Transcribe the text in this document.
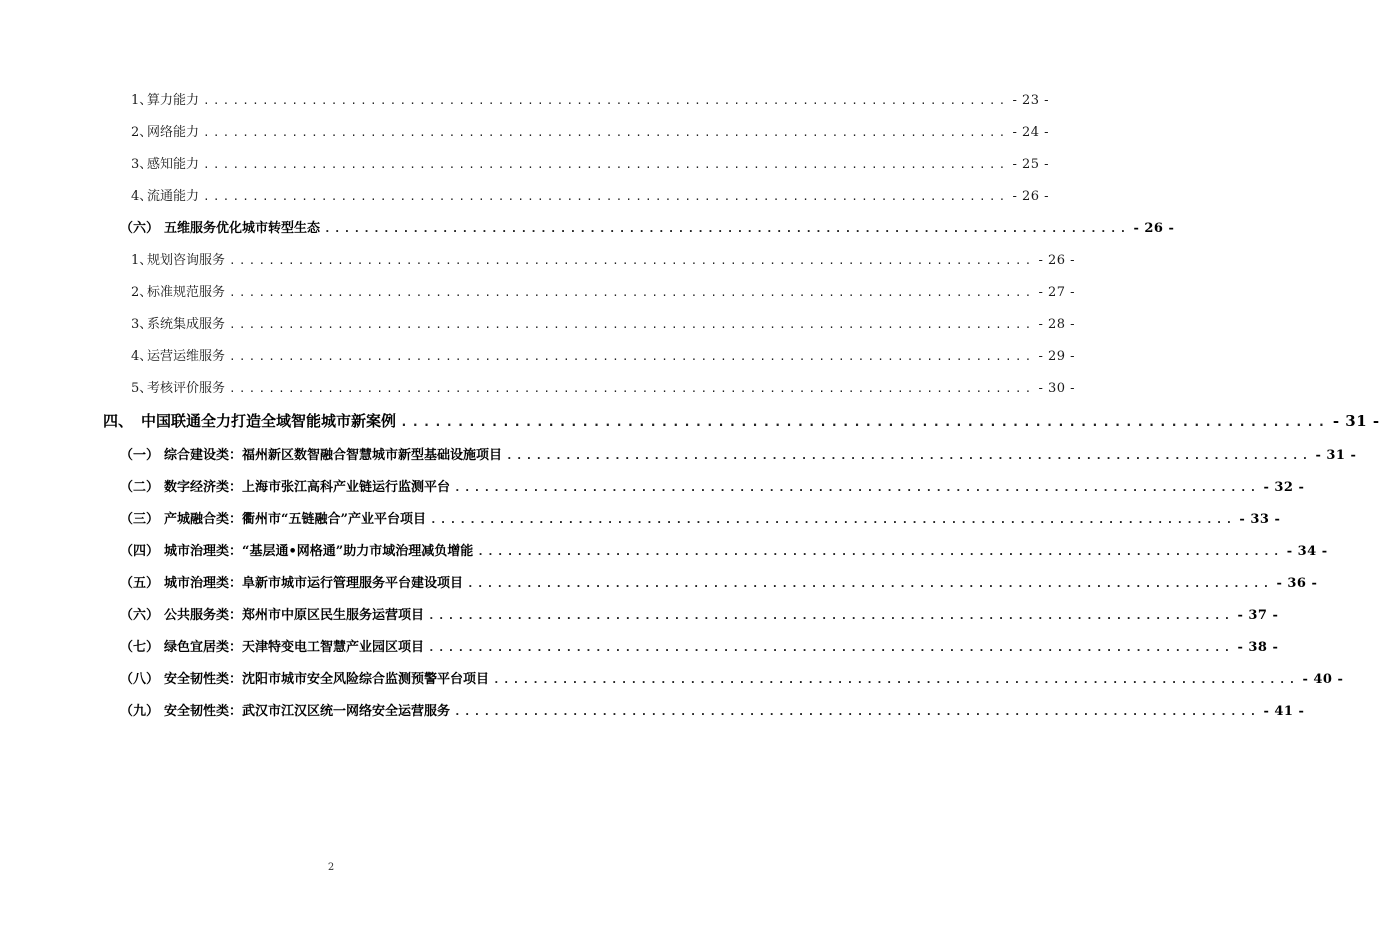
1、
算力能力 .................................................................................. - 23 -
2、
网络能力 .................................................................................. - 24 -
3、
感知能力 .................................................................................. - 25 -
4、
流通能力 .................................................................................. - 26 -
（六） 五维服务优化城市转型生态 .................................................................................. - 26 -
1、
规划咨询服务 .................................................................................. - 26 -
2、
标准规范服务 .................................................................................. - 27 -
3、
系统集成服务 .................................................................................. - 28 -
4、
运营运维服务 .................................................................................. - 29 -
5、
考核评价服务 .................................................................................. - 30 -
四、 中国联通全力打造全域智能城市新案例 .................................................................................. - 31 -
（一） 综合建设类：福州新区数智融合智慧城市新型基础设施项目 .................................................................................. - 31 -
（二） 数字经济类：上海市张江高科产业链运行监测平台 .................................................................................. - 32 -
（三） 产城融合类：衢州市“五链融合”产业平台项目 .................................................................................. - 33 -
（四） 城市治理类：“基层通•网格通”助力市域治理减负增能 .................................................................................. - 34 -
（五） 城市治理类：阜新市城市运行管理服务平台建设项目 .................................................................................. - 36 -
（六） 公共服务类：郑州市中原区民生服务运营项目 .................................................................................. - 37 -
（七） 绿色宜居类：天津特变电工智慧产业园区项目 .................................................................................. - 38 -
（八） 安全韧性类：沈阳市城市安全风险综合监测预警平台项目 .................................................................................. - 40 -
（九） 安全韧性类：武汉市江汉区统一网络安全运营服务 .................................................................................. - 41 -
2
